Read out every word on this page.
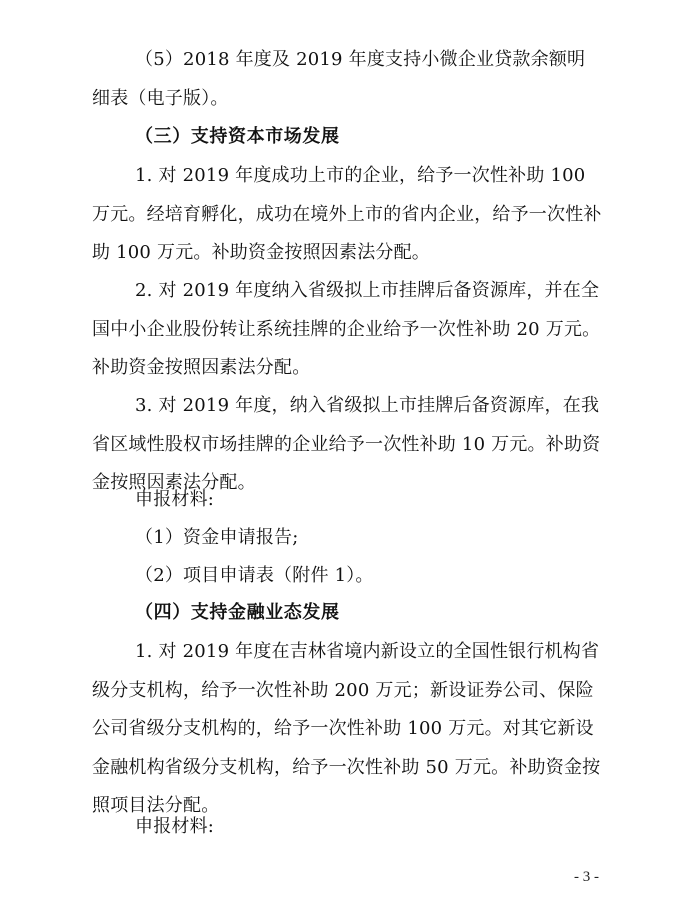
（5）2018 年度及 2019 年度支持小微企业贷款余额明细表（电子版）。
（三）支持资本市场发展
1. 对 2019 年度成功上市的企业，给予一次性补助 100 万元。经培育孵化，成功在境外上市的省内企业，给予一次性补助 100 万元。补助资金按照因素法分配。
2. 对 2019 年度纳入省级拟上市挂牌后备资源库，并在全国中小企业股份转让系统挂牌的企业给予一次性补助 20 万元。补助资金按照因素法分配。
3. 对 2019 年度，纳入省级拟上市挂牌后备资源库，在我省区域性股权市场挂牌的企业给予一次性补助 10 万元。补助资金按照因素法分配。
申报材料:
（1）资金申请报告;
（2）项目申请表（附件 1）。
（四）支持金融业态发展
1. 对 2019 年度在吉林省境内新设立的全国性银行机构省级分支机构，给予一次性补助 200 万元；新设证券公司、保险公司省级分支机构的，给予一次性补助 100 万元。对其它新设金融机构省级分支机构，给予一次性补助 50 万元。补助资金按照项目法分配。
申报材料:
- 3 -
